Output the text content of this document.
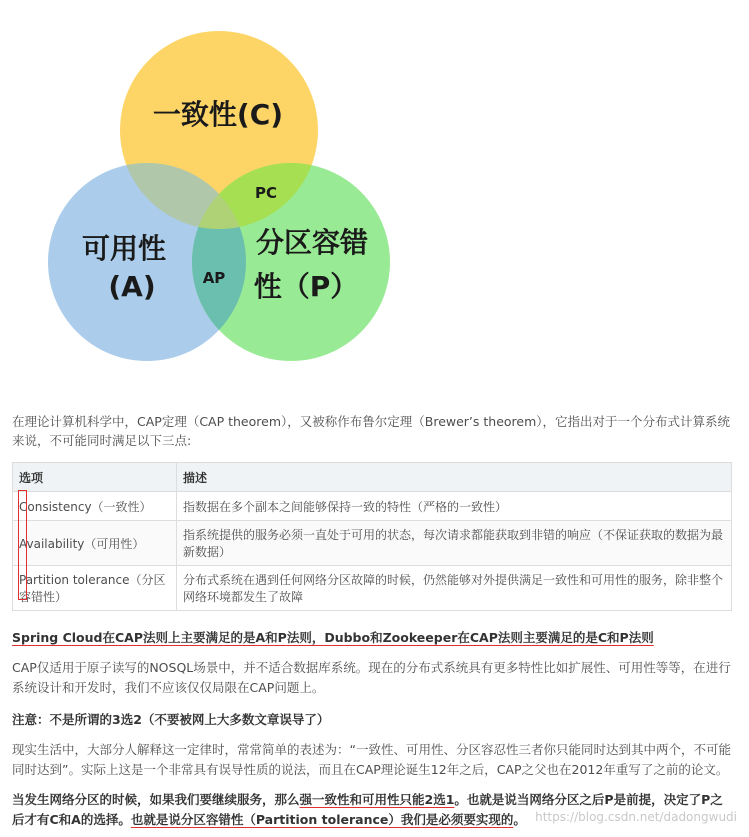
一致性(C)
可用性
(A)
分区容错
性（P）
PC
AP
在理论计算机科学中，CAP定理（CAP theorem），又被称作布鲁尔定理（Brewer’s theorem），它指出对于一个分布式计算系统来说，不可能同时满足以下三点:
选项	描述
Consistency（一致性）	指数据在多个副本之间能够保持一致的特性（严格的一致性）
Availability（可用性）	指系统提供的服务必须一直处于可用的状态，每次请求都能获取到非错的响应（不保证获取的数据为最新数据）
Partition tolerance（分区容错性）	分布式系统在遇到任何网络分区故障的时候，仍然能够对外提供满足一致性和可用性的服务，除非整个网络环境都发生了故障
Spring Cloud在CAP法则上主要满足的是A和P法则，Dubbo和Zookeeper在CAP法则主要满足的是C和P法则
CAP仅适用于原子读写的NOSQL场景中，并不适合数据库系统。现在的分布式系统具有更多特性比如扩展性、可用性等等，在进行系统设计和开发时，我们不应该仅仅局限在CAP问题上。
注意：不是所谓的3选2（不要被网上大多数文章误导了）
现实生活中，大部分人解释这一定律时，常常简单的表述为：“一致性、可用性、分区容忍性三者你只能同时达到其中两个，不可能同时达到”。实际上这是一个非常具有误导性质的说法，而且在CAP理论诞生12年之后，CAP之父也在2012年重写了之前的论文。
当发生网络分区的时候，如果我们要继续服务，那么强一致性和可用性只能2选1。也就是说当网络分区之后P是前提，决定了P之后才有C和A的选择。也就是说分区容错性（Partition tolerance）我们是必须要实现的。 https://blog.csdn.net/dadongwudi
